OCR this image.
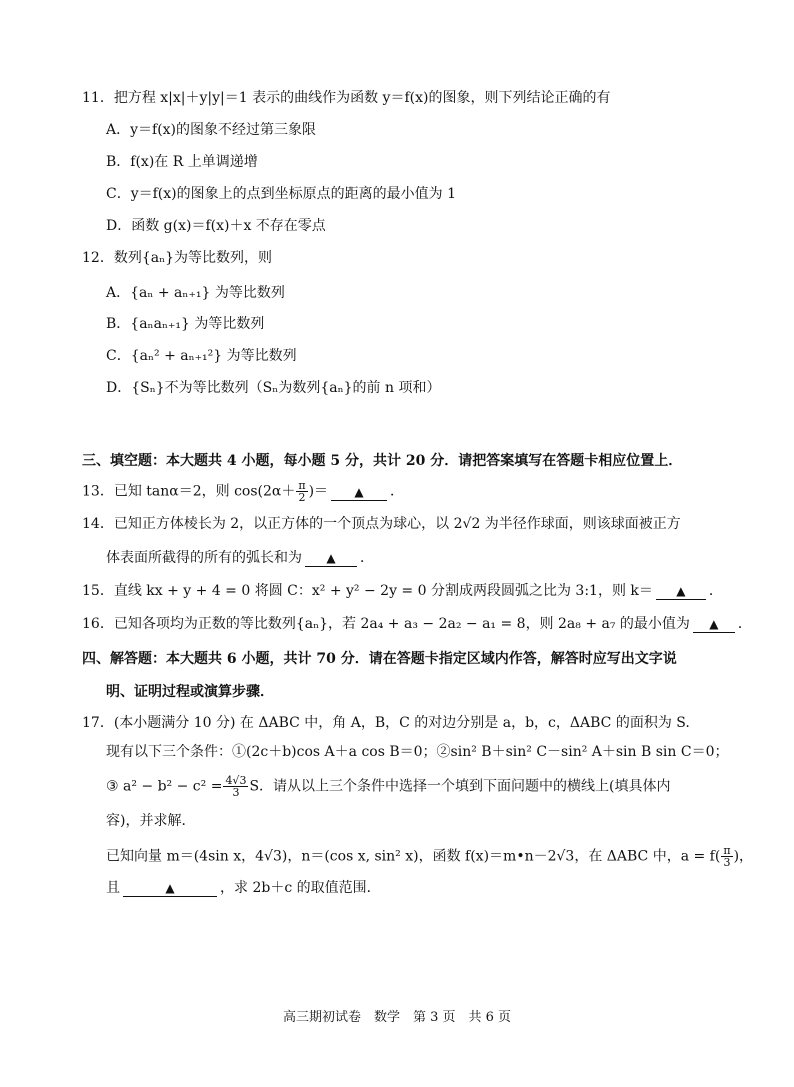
11．把方程 x|x|＋y|y|＝1 表示的曲线作为函数 y＝f(x)的图象，则下列结论正确的有
A．y＝f(x)的图象不经过第三象限
B．f(x)在 R 上单调递增
C．y＝f(x)的图象上的点到坐标原点的距离的最小值为 1
D．函数 g(x)＝f(x)＋x 不存在零点
12．数列{aₙ}为等比数列，则
A．{aₙ + aₙ₊₁} 为等比数列
B．{aₙaₙ₊₁} 为等比数列
C．{aₙ² + aₙ₊₁²} 为等比数列
D．{Sₙ}不为等比数列（Sₙ为数列{aₙ}的前 n 项和）
三、填空题：本大题共 4 小题，每小题 5 分，共计 20 分．请把答案填写在答题卡相应位置上．
13．已知 tanα＝2，则 $\cos(2\alpha+ \frac{\pi}{2}$ )＝ ▲ ．
14．已知正方体棱长为 2，以正方体的一个顶点为球心，以 2√2 为半径作球面，则该球面被正方
体表面所截得的所有的弧长和为 ▲ ．
15．直线 kx + y + 4 = 0 将圆 C：x² + y² − 2y = 0 分割成两段圆弧之比为 3:1，则 k＝ ▲ ．
16．已知各项均为正数的等比数列{aₙ}，若 2a₄ + a₃ − 2a₂ − a₁ = 8，则 2a₈ + a₇ 的最小值为 ▲ ．
四、解答题：本大题共 6 小题，共计 70 分．请在答题卡指定区域内作答，解答时应写出文字说
明、证明过程或演算步骤．
17．(本小题满分 10 分) 在 ΔABC 中，角 A，B，C 的对边分别是 a，b，c，ΔABC 的面积为 S.
现有以下三个条件：①(2c＋b)cos A＋a cos B＝0；②sin² B＋sin² C－sin² A＋sin B sin C＝0；
③ $a^2 - b^2 - c^2 = \frac{4√3}{3}$ S．请从以上三个条件中选择一个填到下面问题中的横线上(填具体内
容)，并求解．
已知向量 m＝(4sin x，4√3)，n＝(cos x, sin² x)，函数 f(x)＝m•n－2√3，在 ΔABC 中，$a = f( \frac{\pi}{3}$ )，
且	▲	，求 2b＋c 的取值范围．
高三期初试卷　数学　第 3 页　共 6 页
